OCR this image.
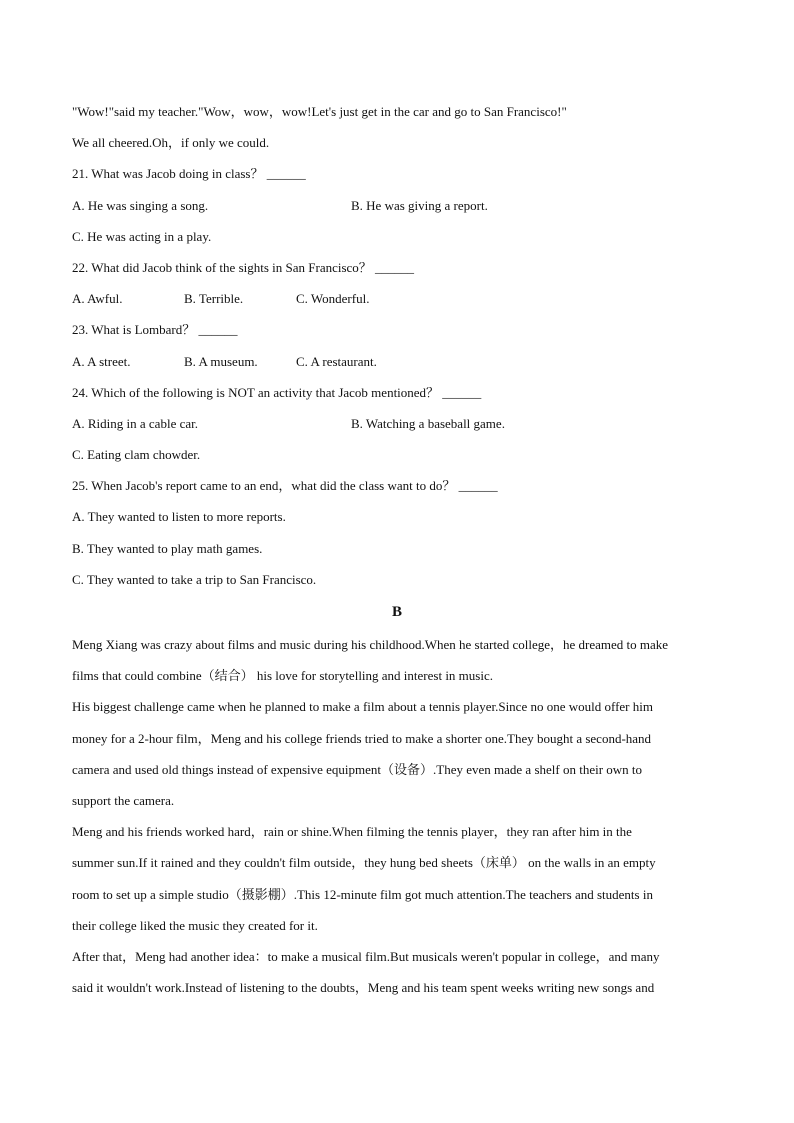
"Wow!"said my teacher."Wow，wow，wow!Let's just get in the car and go to San Francisco!"
We all cheered.Oh，if only we could.
21. What was Jacob doing in class？ ______
A. He was singing a song.	B. He was giving a report.
C. He was acting in a play.
22. What did Jacob think of the sights in San Francisco？ ______
A. Awful.	B. Terrible.	C. Wonderful.
23. What is Lombard？ ______
A. A street.	B. A museum.	C. A restaurant.
24. Which of the following is NOT an activity that Jacob mentioned？ ______
A. Riding in a cable car.	B. Watching a baseball game.
C. Eating clam chowder.
25. When Jacob's report came to an end，what did the class want to do？ ______
A. They wanted to listen to more reports.
B. They wanted to play math games.
C. They wanted to take a trip to San Francisco.
B
Meng Xiang was crazy about films and music during his childhood.When he started college，he dreamed to make
films that could combine（结合） his love for storytelling and interest in music.
His biggest challenge came when he planned to make a film about a tennis player.Since no one would offer him
money for a 2-hour film，Meng and his college friends tried to make a shorter one.They bought a second-hand
camera and used old things instead of expensive equipment（设备）.They even made a shelf on their own to
support the camera.
Meng and his friends worked hard，rain or shine.When filming the tennis player，they ran after him in the
summer sun.If it rained and they couldn't film outside，they hung bed sheets（床单） on the walls in an empty
room to set up a simple studio（摄影棚）.This 12-minute film got much attention.The teachers and students in
their college liked the music they created for it.
After that，Meng had another idea：to make a musical film.But musicals weren't popular in college，and many
said it wouldn't work.Instead of listening to the doubts，Meng and his team spent weeks writing new songs and
